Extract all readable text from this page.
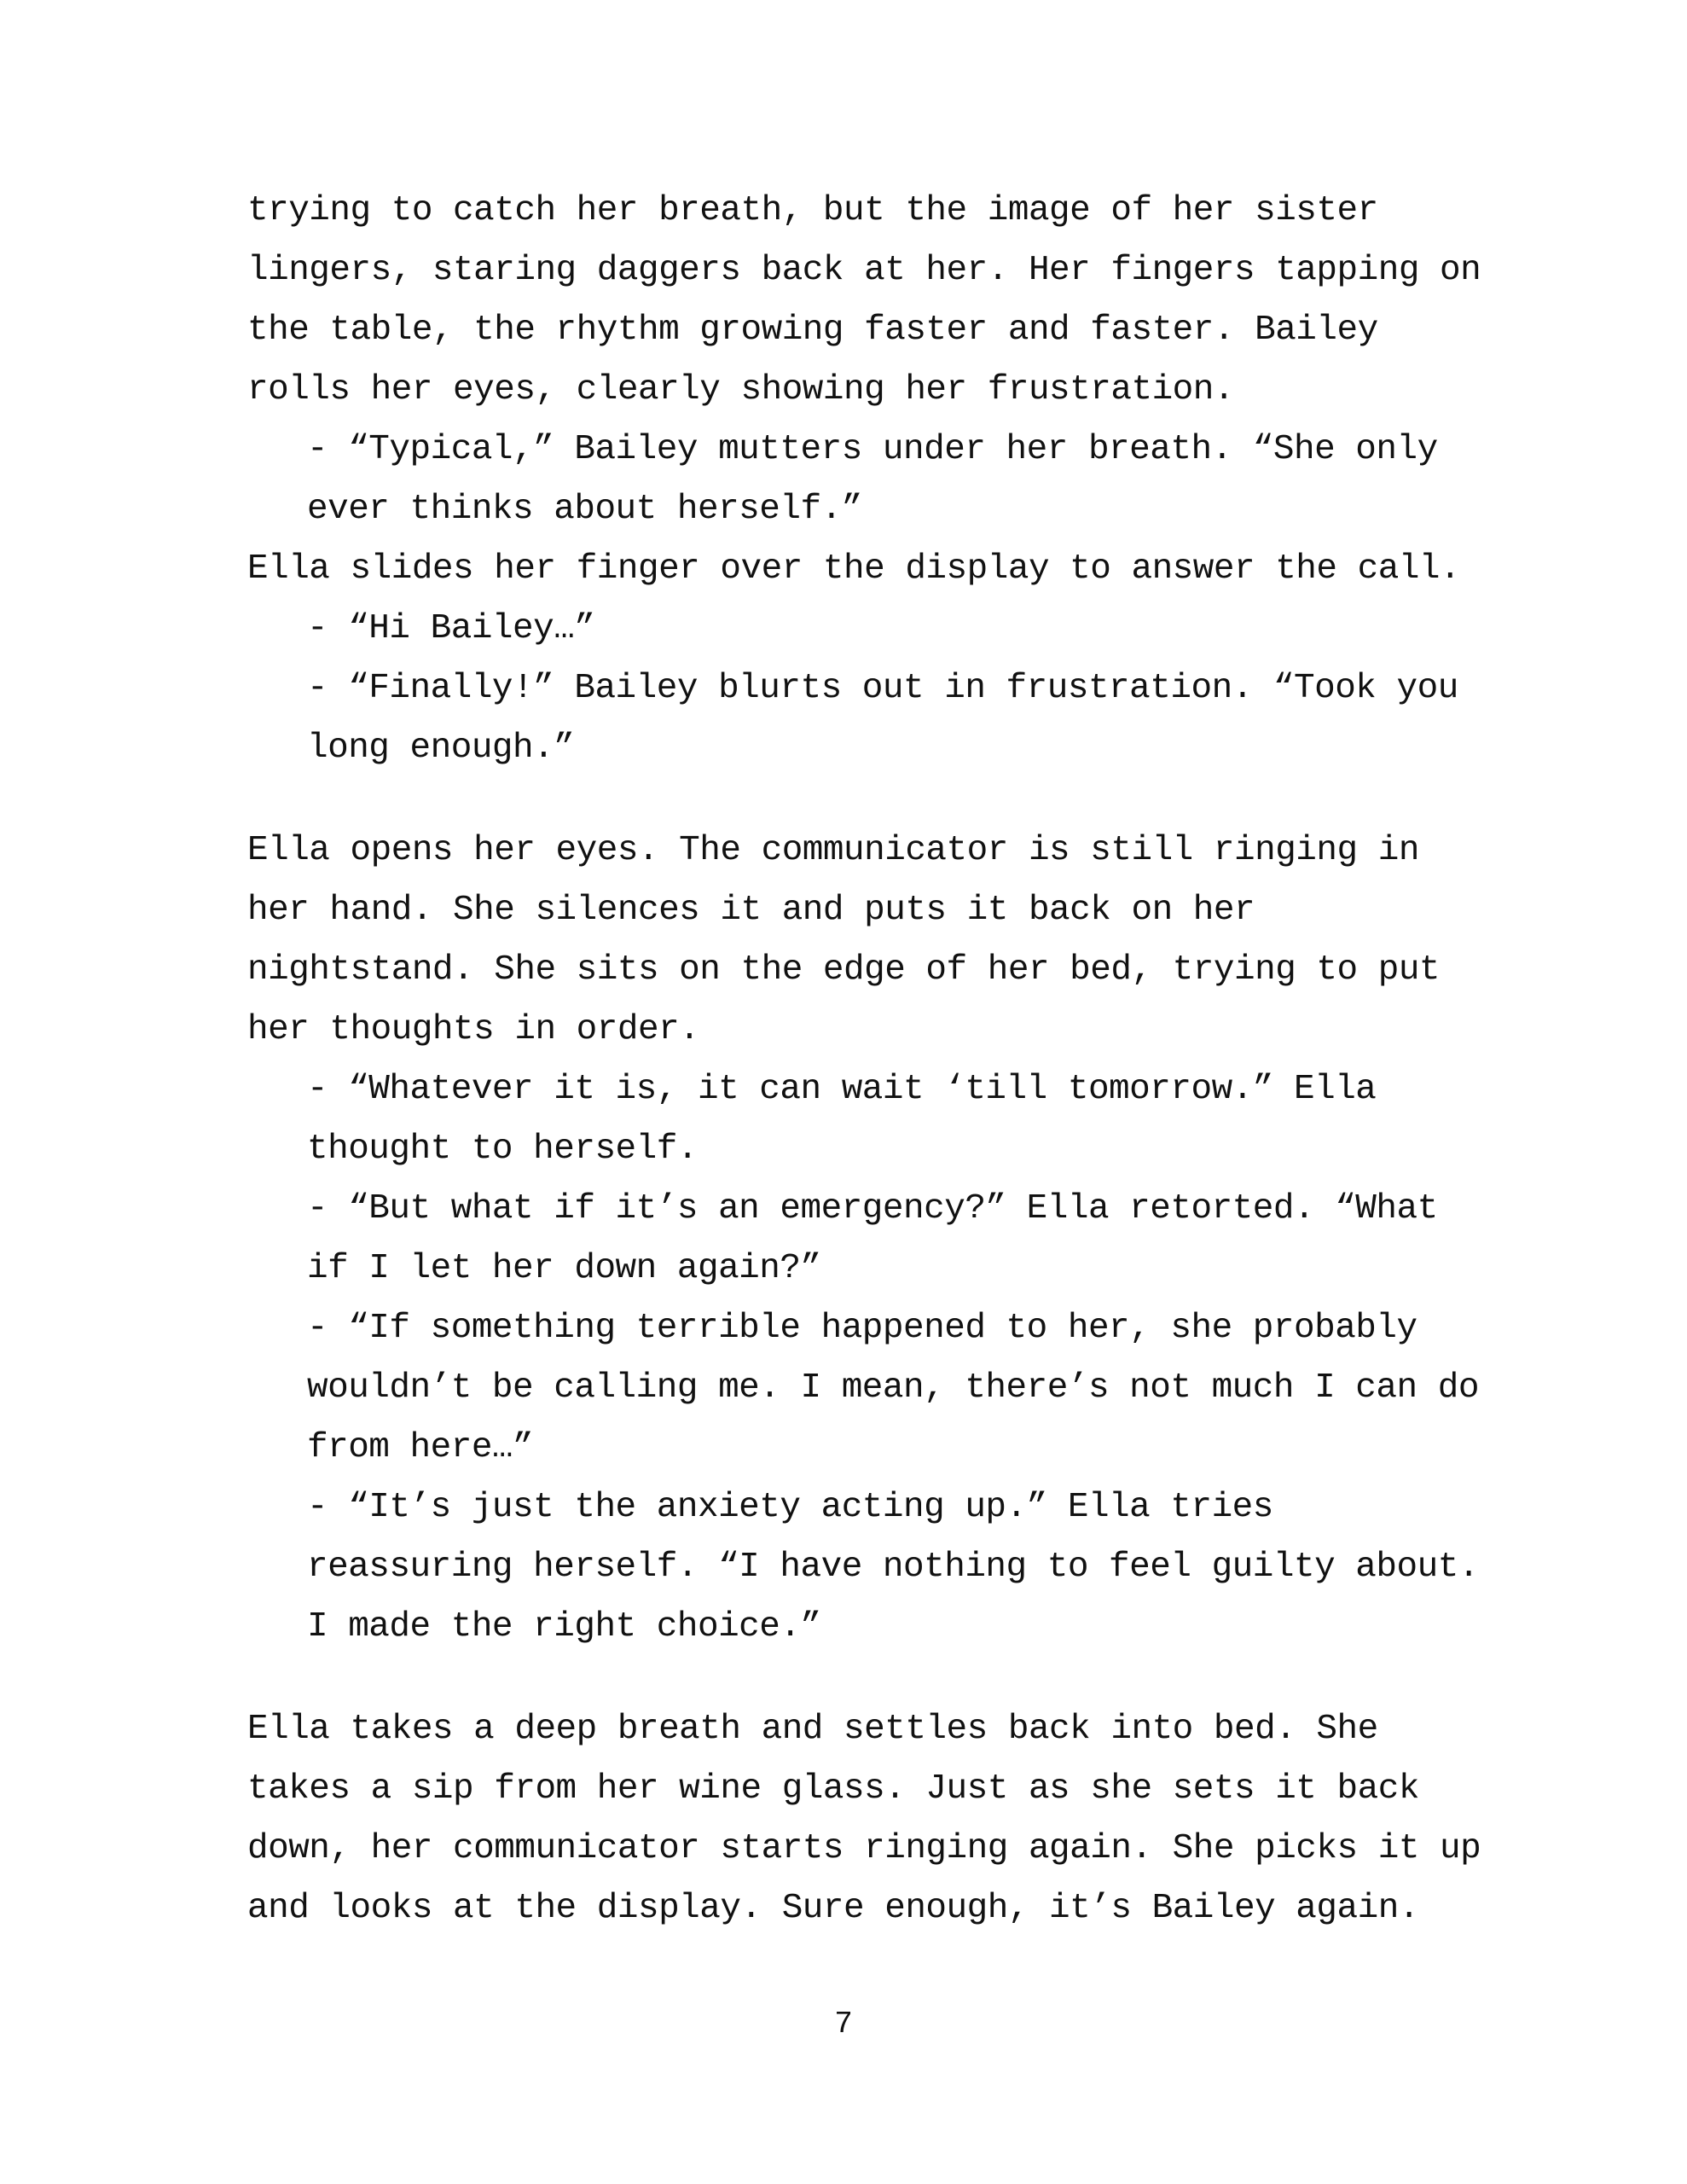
trying to catch her breath, but the image of her sister
lingers, staring daggers back at her. Her fingers tapping on
the table, the rhythm growing faster and faster. Bailey
rolls her eyes, clearly showing her frustration.
- “Typical,” Bailey mutters under her breath. “She only
ever thinks about herself.”
Ella slides her finger over the display to answer the call.
- “Hi Bailey…”
- “Finally!” Bailey blurts out in frustration. “Took you
long enough.”
Ella opens her eyes. The communicator is still ringing in
her hand. She silences it and puts it back on her
nightstand. She sits on the edge of her bed, trying to put
her thoughts in order.
- “Whatever it is, it can wait ‘till tomorrow.” Ella
thought to herself.
- “But what if it’s an emergency?” Ella retorted. “What
if I let her down again?”
- “If something terrible happened to her, she probably
wouldn’t be calling me. I mean, there’s not much I can do
from here…”
- “It’s just the anxiety acting up.” Ella tries
reassuring herself. “I have nothing to feel guilty about.
I made the right choice.”
Ella takes a deep breath and settles back into bed. She
takes a sip from her wine glass. Just as she sets it back
down, her communicator starts ringing again. She picks it up
and looks at the display. Sure enough, it’s Bailey again.
7
